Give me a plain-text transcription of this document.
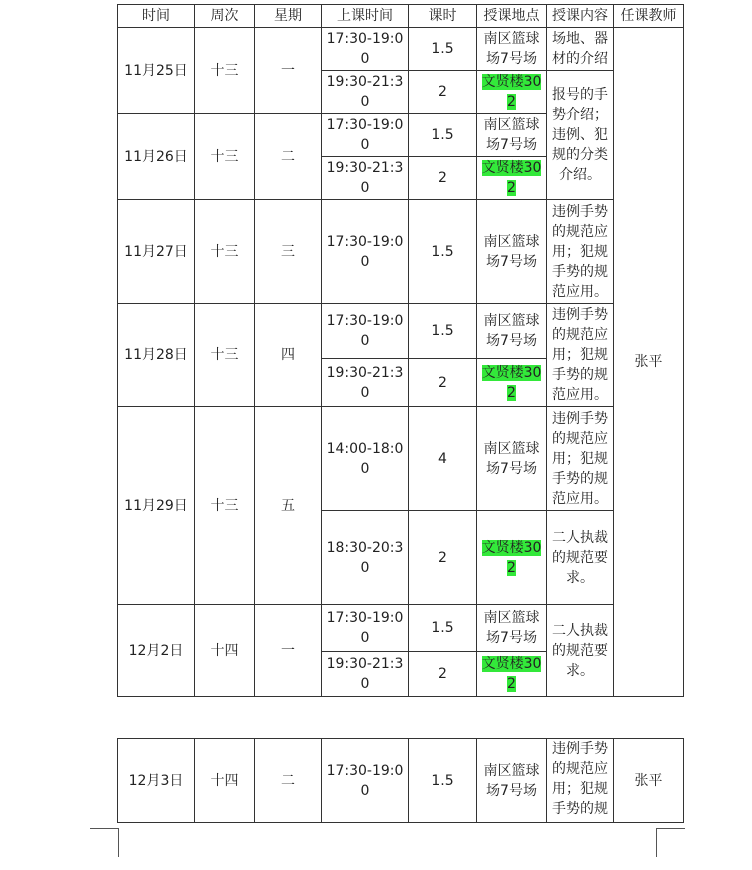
时间	周次	星期	上课时间	课时	授课地点	授课内容	任课教师
11月25日	十三	一	17:30-19:00	1.5	南区篮球场7号场	场地、器材的介绍	张平
			19:30-21:30	2	文贤楼302	报号的手势介绍；违例、犯规的分类介绍。	
11月26日	十三	二	17:30-19:00	1.5	南区篮球场7号场		
			19:30-21:30	2	文贤楼302		
11月27日	十三	三	17:30-19:00	1.5	南区篮球场7号场	违例手势的规范应用；犯规手势的规范应用。	
11月28日	十三	四	17:30-19:00	1.5	南区篮球场7号场	违例手势的规范应用；犯规手势的规范应用。	
			19:30-21:30	2	文贤楼302		
11月29日	十三	五	14:00-18:00	4	南区篮球场7号场	违例手势的规范应用；犯规手势的规范应用。	
			18:30-20:30	2	文贤楼302	二人执裁的规范要求。	
12月2日	十四	一	17:30-19:00	1.5	南区篮球场7号场	二人执裁的规范要求。	
			19:30-21:30	2	文贤楼302		
12月3日	十四	二	17:30-19:00	1.5	南区篮球场7号场	违例手势的规范应用；犯规手势的规	张平
